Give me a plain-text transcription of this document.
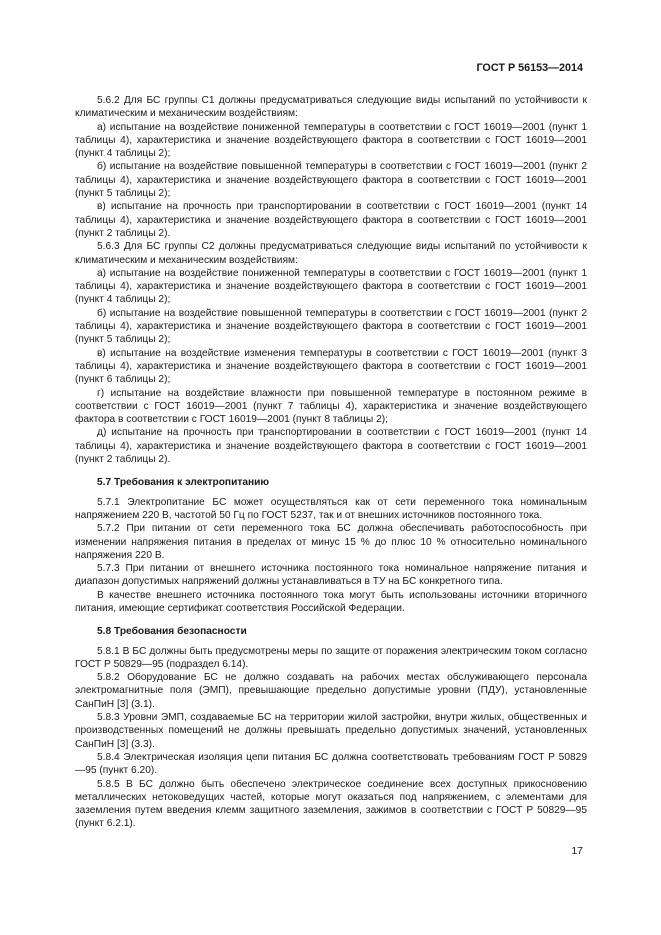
ГОСТ Р 56153—2014

5.6.2 Для БС группы С1 должны предусматриваться следующие виды испытаний по устойчивости к климатическим и механическим воздействиям:

а) испытание на воздействие пониженной температуры в соответствии с ГОСТ 16019—2001 (пункт 1 таблицы 4), характеристика и значение воздействующего фактора в соответствии с ГОСТ 16019—2001 (пункт 4 таблицы 2);

б) испытание на воздействие повышенной температуры в соответствии с ГОСТ 16019—2001 (пункт 2 таблицы 4), характеристика и значение воздействующего фактора в соответствии с ГОСТ 16019—2001 (пункт 5 таблицы 2);

в) испытание на прочность при транспортировании в соответствии с ГОСТ 16019—2001 (пункт 14 таблицы 4), характеристика и значение воздействующего фактора в соответствии с ГОСТ 16019—2001 (пункт 2 таблицы 2).

5.6.3 Для БС группы С2 должны предусматриваться следующие виды испытаний по устойчивости к климатическим и механическим воздействиям:

а) испытание на воздействие пониженной температуры в соответствии с ГОСТ 16019—2001 (пункт 1 таблицы 4), характеристика и значение воздействующего фактора в соответствии с ГОСТ 16019—2001 (пункт 4 таблицы 2);

б) испытание на воздействие повышенной температуры в соответствии с ГОСТ 16019—2001 (пункт 2 таблицы 4), характеристика и значение воздействующего фактора в соответствии с ГОСТ 16019—2001 (пункт 5 таблицы 2);

в) испытание на воздействие изменения температуры в соответствии с ГОСТ 16019—2001 (пункт 3 таблицы 4), характеристика и значение воздействующего фактора в соответствии с ГОСТ 16019—2001 (пункт 6 таблицы 2);

г) испытание на воздействие влажности при повышенной температуре в постоянном режиме в соответствии с ГОСТ 16019—2001 (пункт 7 таблицы 4), характеристика и значение воздействующего фактора в соответствии с ГОСТ 16019—2001 (пункт 8 таблицы 2);

д) испытание на прочность при транспортировании в соответствии с ГОСТ 16019—2001 (пункт 14 таблицы 4), характеристика и значение воздействующего фактора в соответствии с ГОСТ 16019—2001 (пункт 2 таблицы 2).

5.7 Требования к электропитанию

5.7.1 Электропитание БС может осуществляться как от сети переменного тока номинальным напряжением 220 В, частотой 50 Гц по ГОСТ 5237, так и от внешних источников постоянного тока.

5.7.2 При питании от сети переменного тока БС должна обеспечивать работоспособность при изменении напряжения питания в пределах от минус 15 % до плюс 10 % относительно номинального напряжения 220 В.

5.7.3 При питании от внешнего источника постоянного тока номинальное напряжение питания и диапазон допустимых напряжений должны устанавливаться в ТУ на БС конкретного типа.

В качестве внешнего источника постоянного тока могут быть использованы источники вторичного питания, имеющие сертификат соответствия Российской Федерации.

5.8 Требования безопасности

5.8.1 В БС должны быть предусмотрены меры по защите от поражения электрическим током согласно ГОСТ Р 50829—95 (подраздел 6.14).

5.8.2 Оборудование БС не должно создавать на рабочих местах обслуживающего персонала электромагнитные поля (ЭМП), превышающие предельно допустимые уровни (ПДУ), установленные СанПиН [3] (3.1).

5.8.3 Уровни ЭМП, создаваемые БС на территории жилой застройки, внутри жилых, общественных и производственных помещений не должны превышать предельно допустимых значений, установленных СанПиН [3] (3.3).

5.8.4 Электрическая изоляция цепи питания БС должна соответствовать требованиям ГОСТ Р 50829—95 (пункт 6.20).

5.8.5 В БС должно быть обеспечено электрическое соединение всех доступных прикосновению металлических нетоковедущих частей, которые могут оказаться под напряжением, с элементами для заземления путем введения клемм защитного заземления, зажимов в соответствии с ГОСТ Р 50829—95 (пункт 6.2.1).

17
